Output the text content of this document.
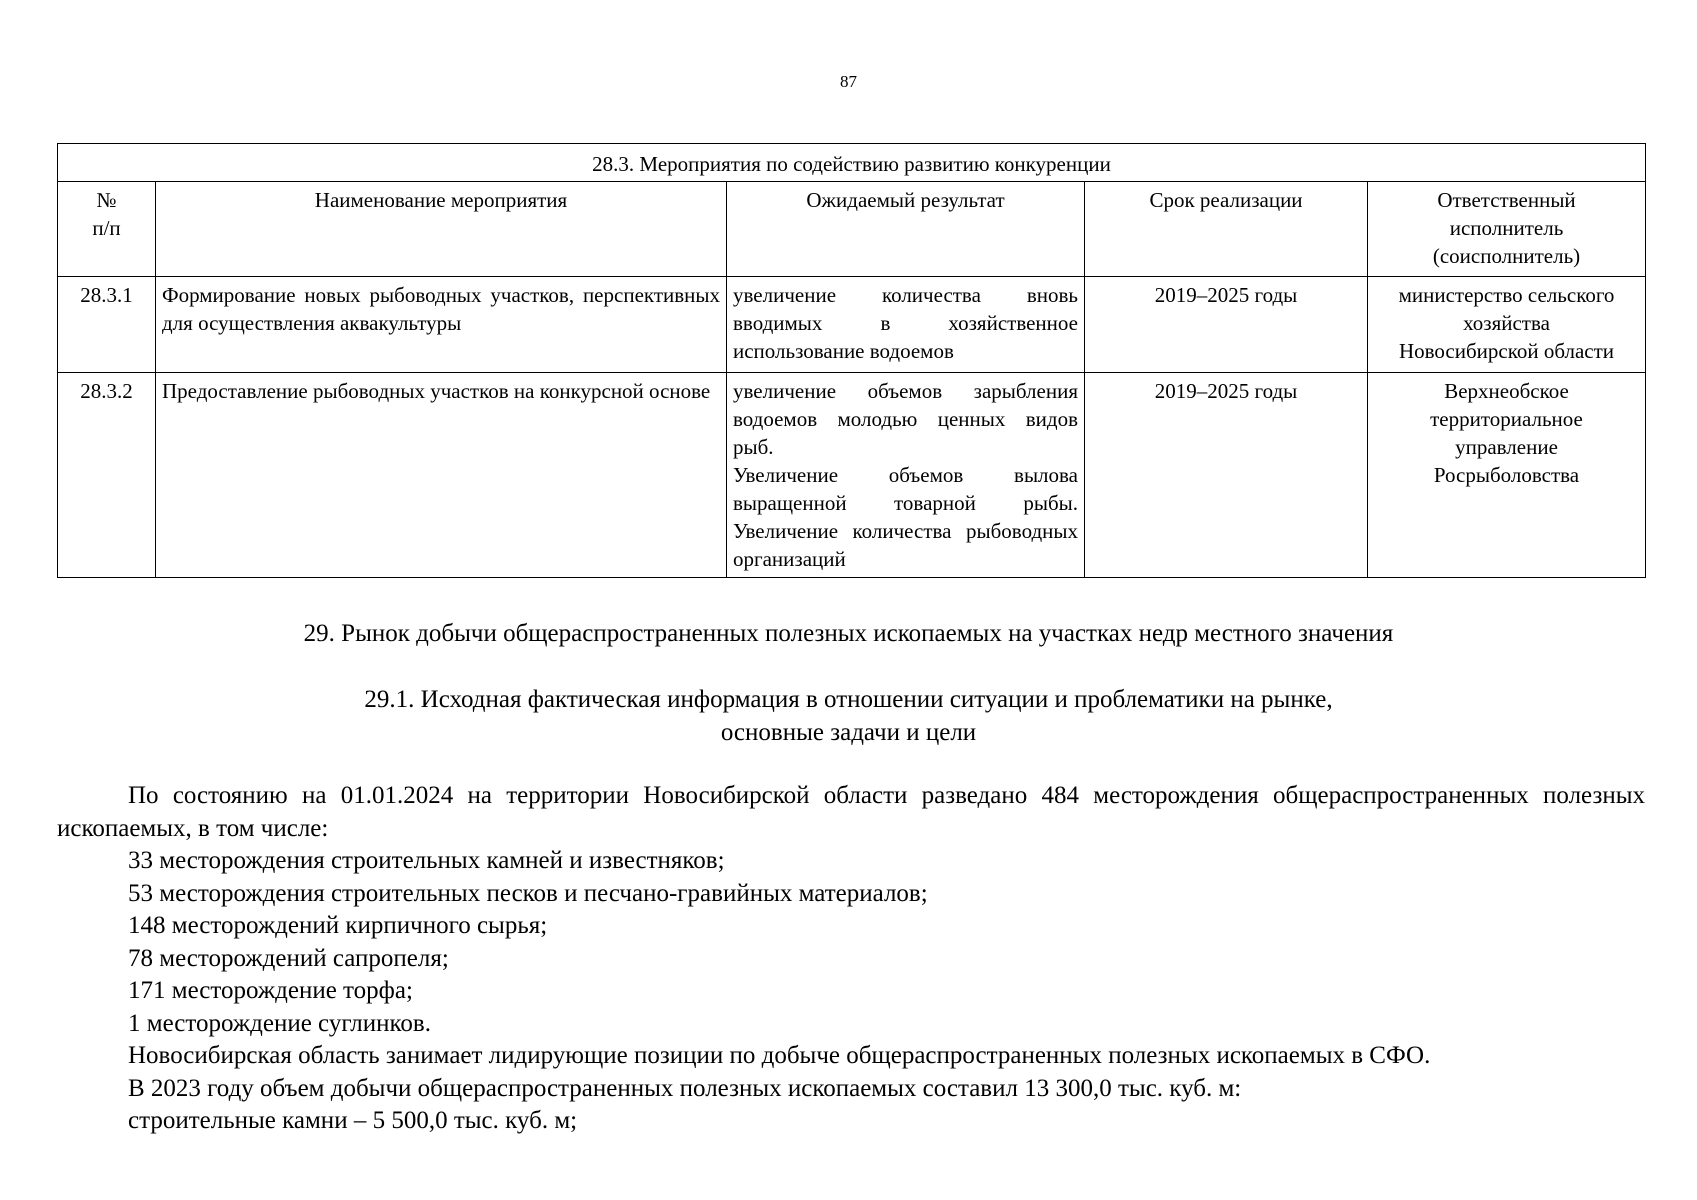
87
28.3. Мероприятия по содействию развитию конкуренции				

№
п/п	Наименование мероприятия	Ожидаемый результат	Срок реализации	Ответственный
исполнитель
(соисполнитель)

28.3.1	Формирование новых рыбоводных участков, перспективных для осуществления аквакультуры	увеличение количества вновь вводимых в хозяйственное использование водоемов	2019–2025 годы	министерство сельского
хозяйства
Новосибирской области

28.3.2	Предоставление рыбоводных участков на конкурсной основе	увеличение объемов зарыбления водоемов молодью ценных видов рыб.
Увеличение объемов вылова выращенной товарной рыбы.
Увеличение количества рыбоводных организаций	2019–2025 годы	Верхнеобское
территориальное
управление
Росрыболовства
29. Рынок добычи общераспространенных полезных ископаемых на участках недр местного значения
29.1. Исходная фактическая информация в отношении ситуации и проблематики на рынке,
основные задачи и цели

По состоянию на 01.01.2024 на территории Новосибирской области разведано 484 месторождения общераспространенных полезных ископаемых, в том числе:

33 месторождения строительных камней и известняков;

53 месторождения строительных песков и песчано-гравийных материалов;

148 месторождений кирпичного сырья;

78 месторождений сапропеля;

171 месторождение торфа;

1 месторождение суглинков.

Новосибирская область занимает лидирующие позиции по добыче общераспространенных полезных ископаемых в СФО.

В 2023 году объем добычи общераспространенных полезных ископаемых составил 13 300,0 тыс. куб. м:

строительные камни – 5 500,0 тыс. куб. м;
